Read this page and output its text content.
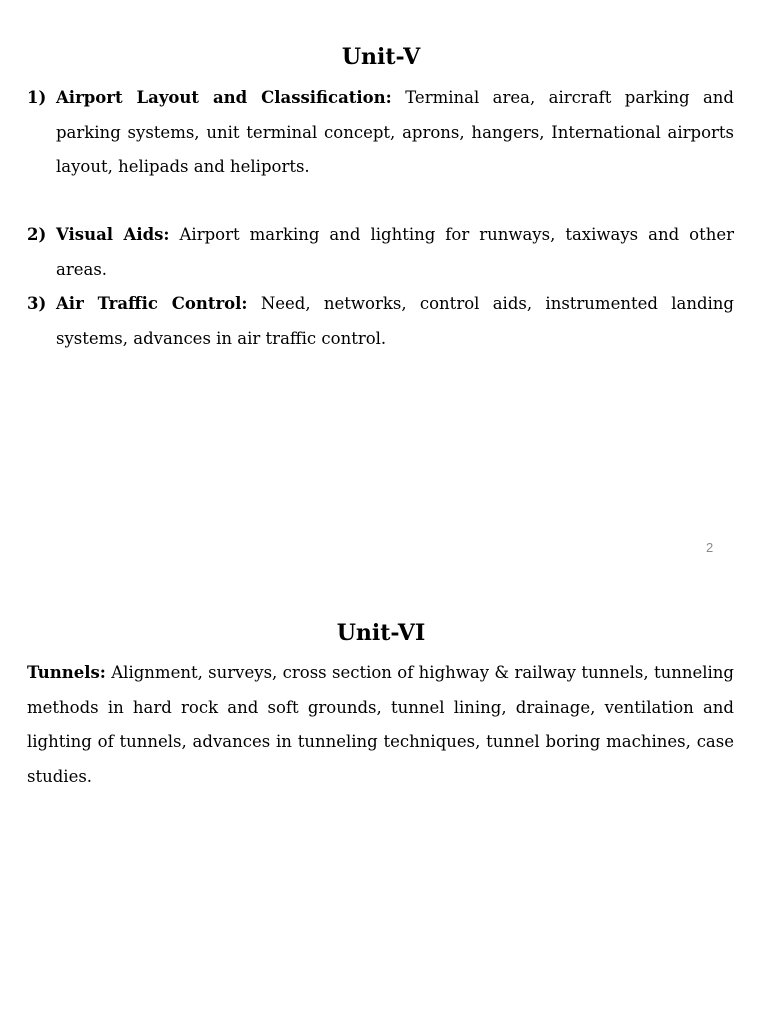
Unit-V
1) Airport Layout and Classification: Terminal area, aircraft parking and parking systems, unit terminal concept, aprons, hangers, International airports layout, helipads and heliports.
2) Visual Aids: Airport marking and lighting for runways, taxiways and other areas.
3) Air Traffic Control: Need, networks, control aids, instrumented landing systems, advances in air traffic control.
2
Unit-VI
Tunnels: Alignment, surveys, cross section of highway & railway tunnels, tunneling methods in hard rock and soft grounds, tunnel lining, drainage, ventilation and lighting of tunnels, advances in tunneling techniques, tunnel boring machines, case studies.
